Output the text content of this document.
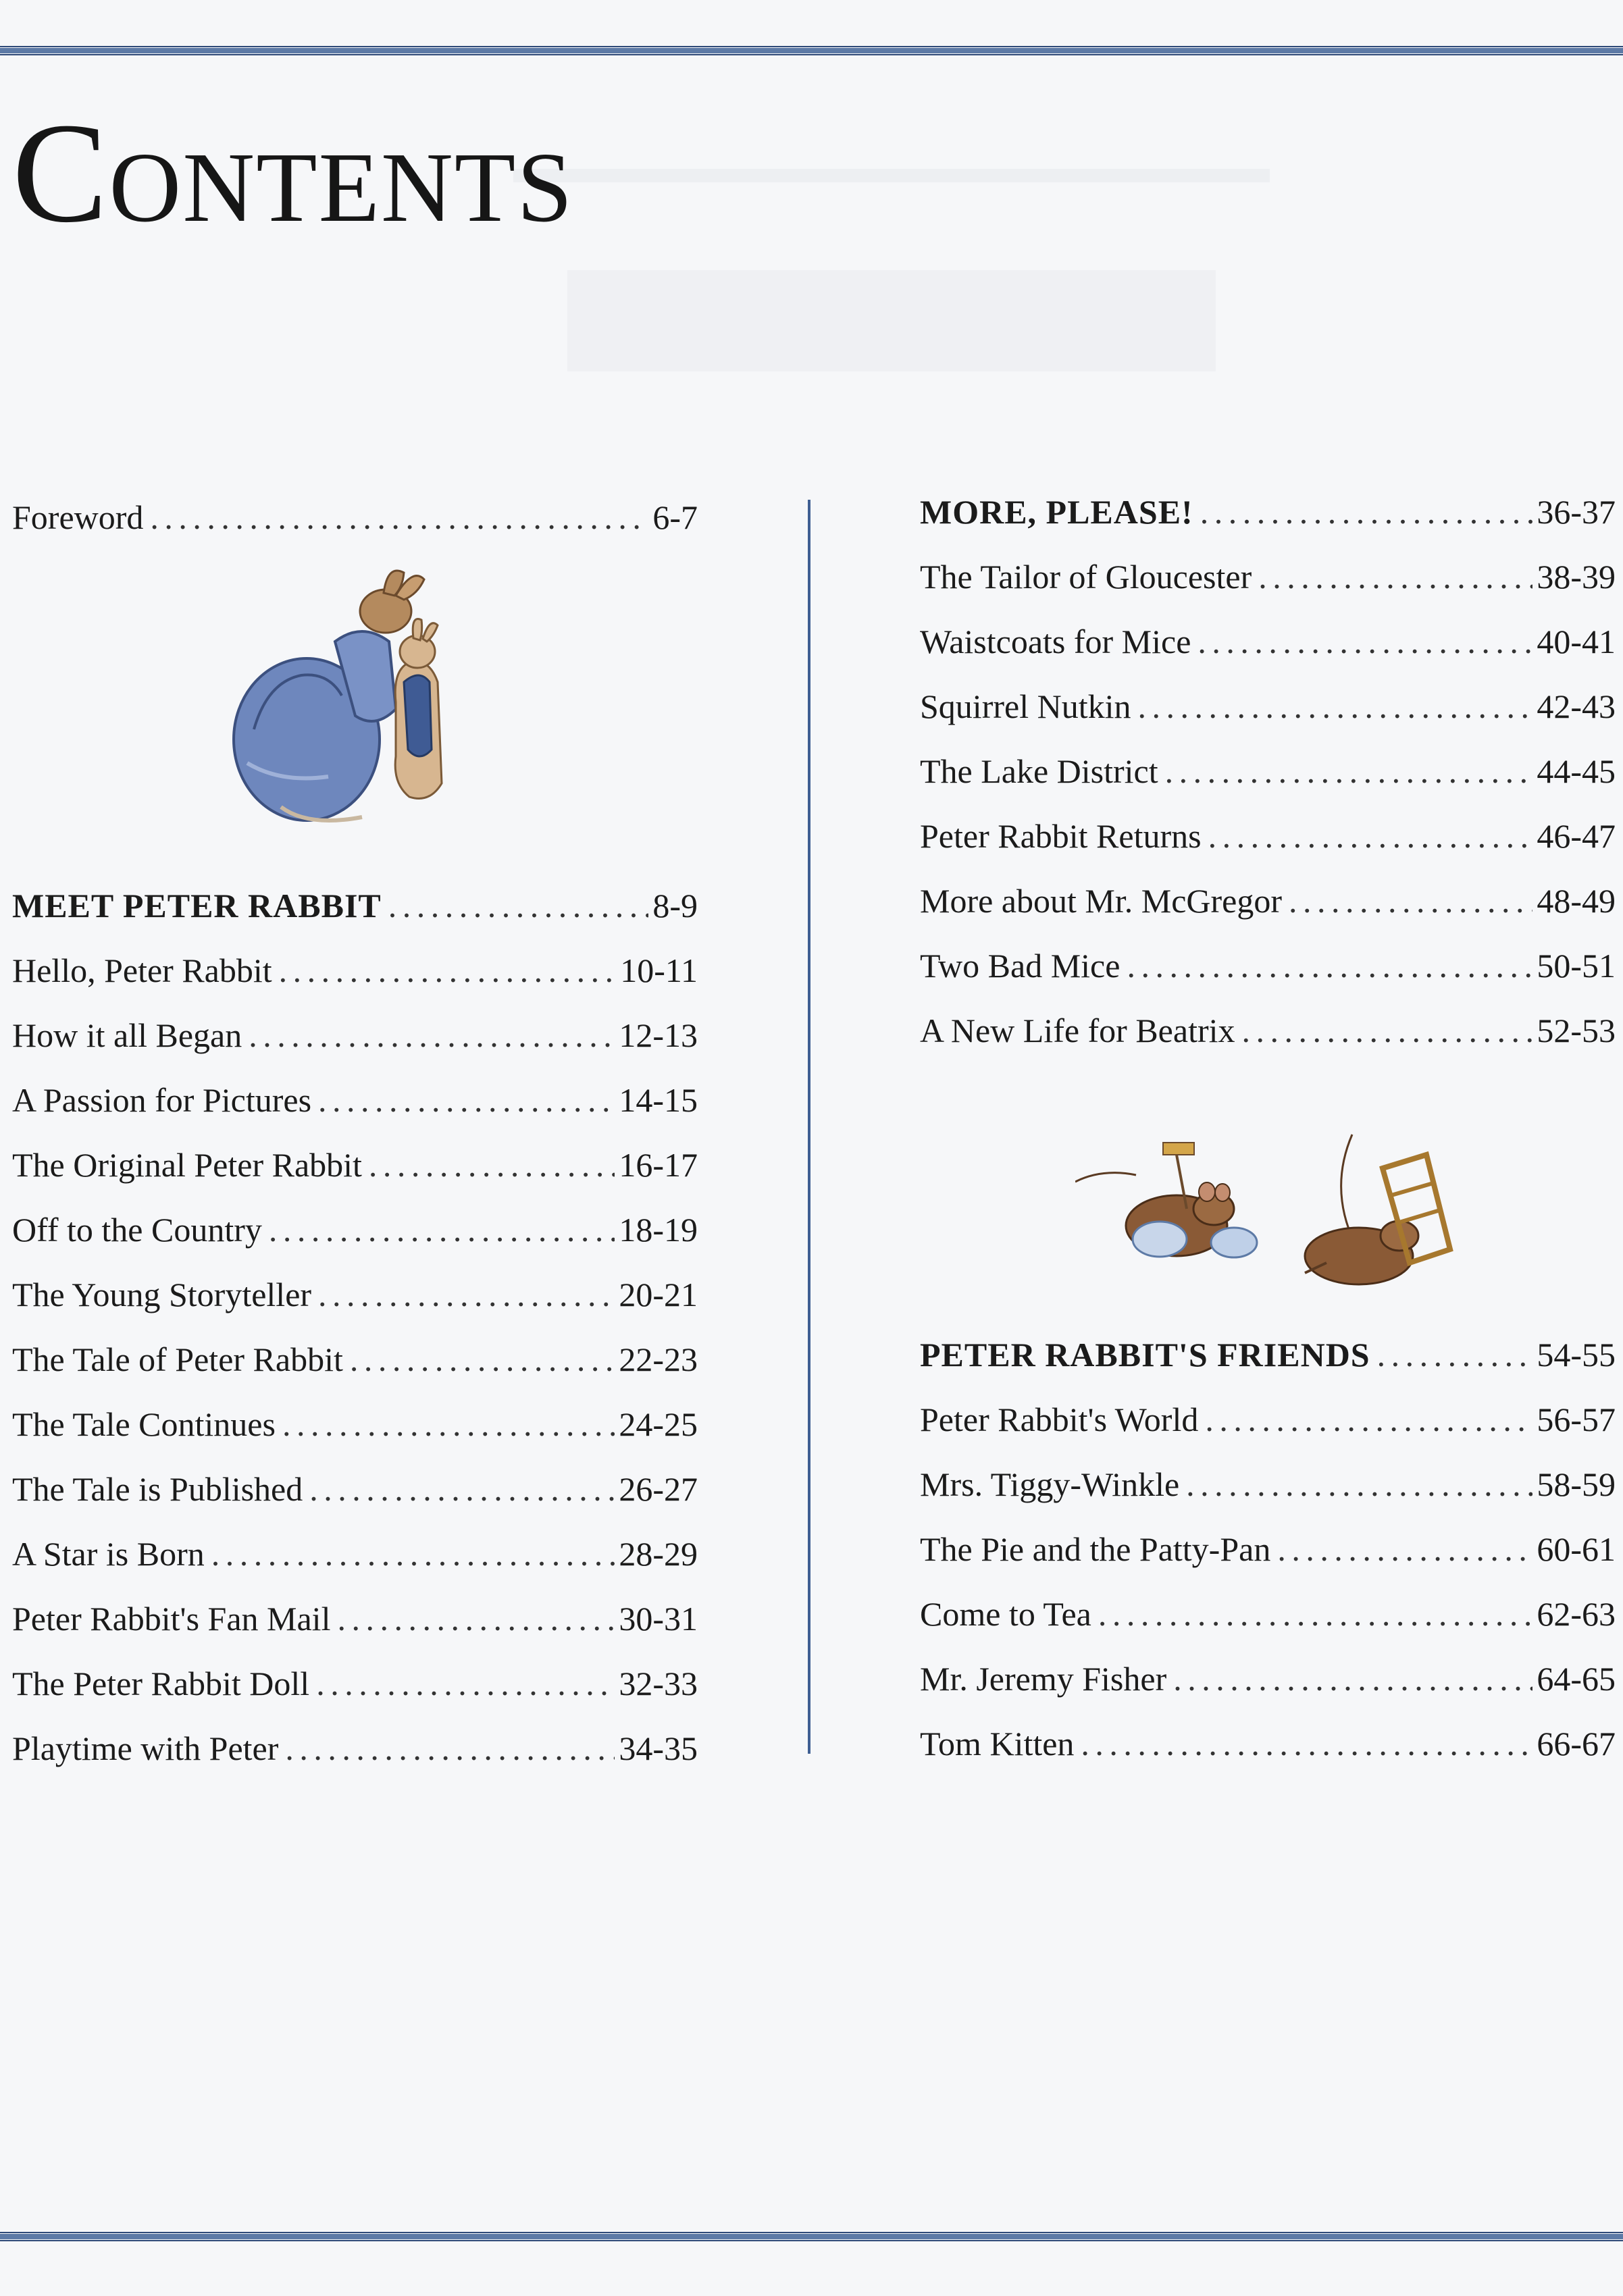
Contents
Foreword . . .	6-7
MEET PETER RABBIT . . .	8-9
Hello, Peter Rabbit . . .	10-11
How it all Began . . .	12-13
A Passion for Pictures . . .	14-15
The Original Peter Rabbit . . .	16-17
Off to the Country . . .	18-19
The Young Storyteller . . .	20-21
The Tale of Peter Rabbit . . .	22-23
The Tale Continues . . .	24-25
The Tale is Published . . .	26-27
A Star is Born . . .	28-29
Peter Rabbit's Fan Mail . . .	30-31
The Peter Rabbit Doll . . .	32-33
Playtime with Peter . . .	34-35
MORE, PLEASE! . . .	36-37
The Tailor of Gloucester . . .	38-39
Waistcoats for Mice . . .	40-41
Squirrel Nutkin . . .	42-43
The Lake District . . .	44-45
Peter Rabbit Returns . . .	46-47
More about Mr. McGregor . . .	48-49
Two Bad Mice . . .	50-51
A New Life for Beatrix . . .	52-53
PETER RABBIT'S FRIENDS . . .	54-55
Peter Rabbit's World . . .	56-57
Mrs. Tiggy-Winkle . . .	58-59
The Pie and the Patty-Pan . . .	60-61
Come to Tea . . .	62-63
Mr. Jeremy Fisher . . .	64-65
Tom Kitten . . .	66-67
